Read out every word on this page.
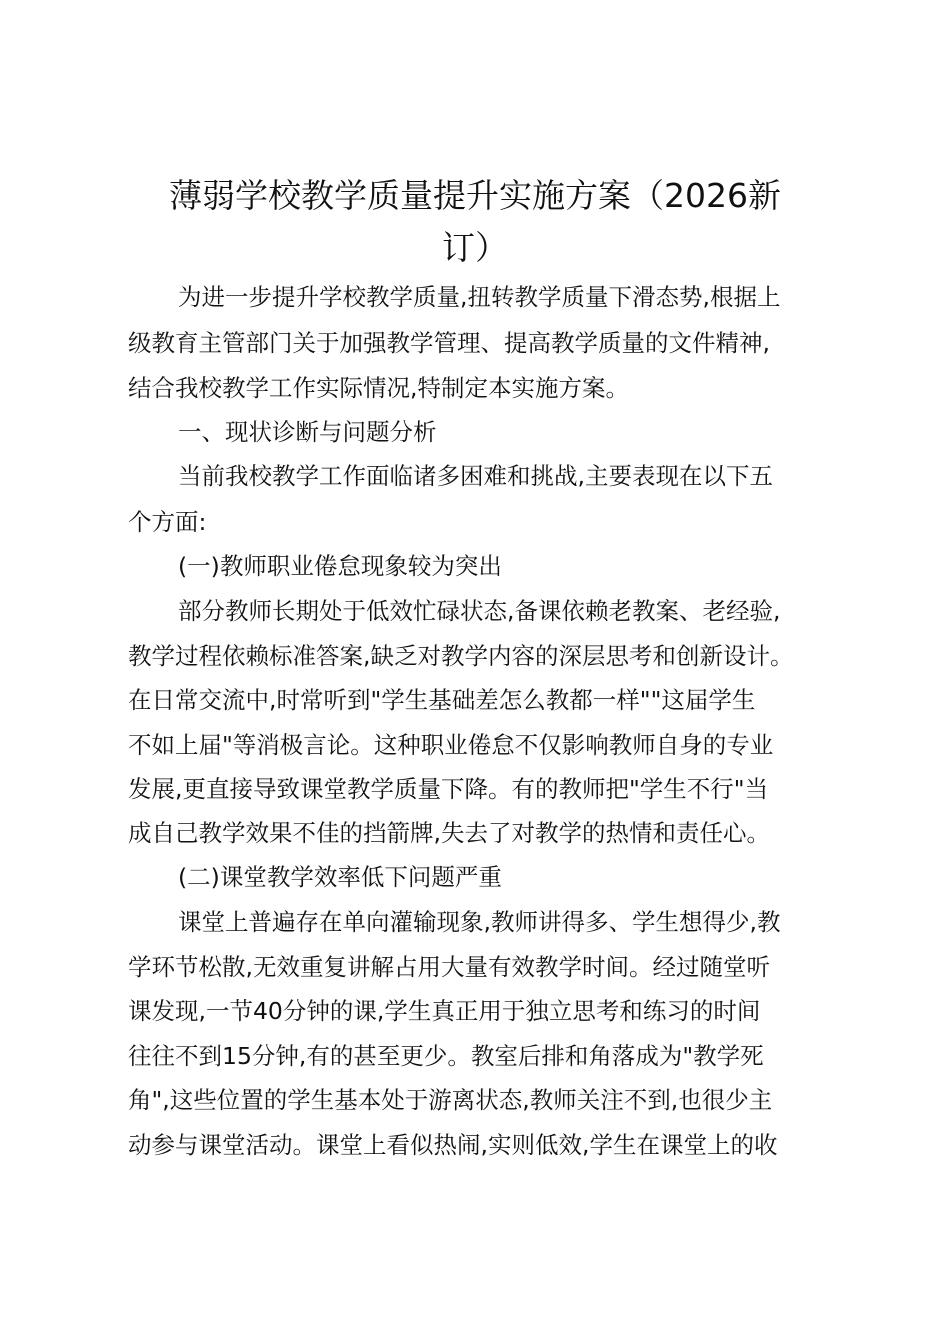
薄弱学校教学质量提升实施方案（2026新
订）

为进一步提升学校教学质量,扭转教学质量下滑态势,根据上

级教育主管部门关于加强教学管理、提高教学质量的文件精神,

结合我校教学工作实际情况,特制定本实施方案。

一、现状诊断与问题分析

当前我校教学工作面临诸多困难和挑战,主要表现在以下五

个方面:

(一)教师职业倦怠现象较为突出

部分教师长期处于低效忙碌状态,备课依赖老教案、老经验,

教学过程依赖标准答案,缺乏对教学内容的深层思考和创新设计。

在日常交流中,时常听到"学生基础差怎么教都一样""这届学生

不如上届"等消极言论。这种职业倦怠不仅影响教师自身的专业

发展,更直接导致课堂教学质量下降。有的教师把"学生不行"当

成自己教学效果不佳的挡箭牌,失去了对教学的热情和责任心。

(二)课堂教学效率低下问题严重

课堂上普遍存在单向灌输现象,教师讲得多、学生想得少,教

学环节松散,无效重复讲解占用大量有效教学时间。经过随堂听

课发现,一节40分钟的课,学生真正用于独立思考和练习的时间

往往不到15分钟,有的甚至更少。教室后排和角落成为"教学死

角",这些位置的学生基本处于游离状态,教师关注不到,也很少主

动参与课堂活动。课堂上看似热闹,实则低效,学生在课堂上的收
